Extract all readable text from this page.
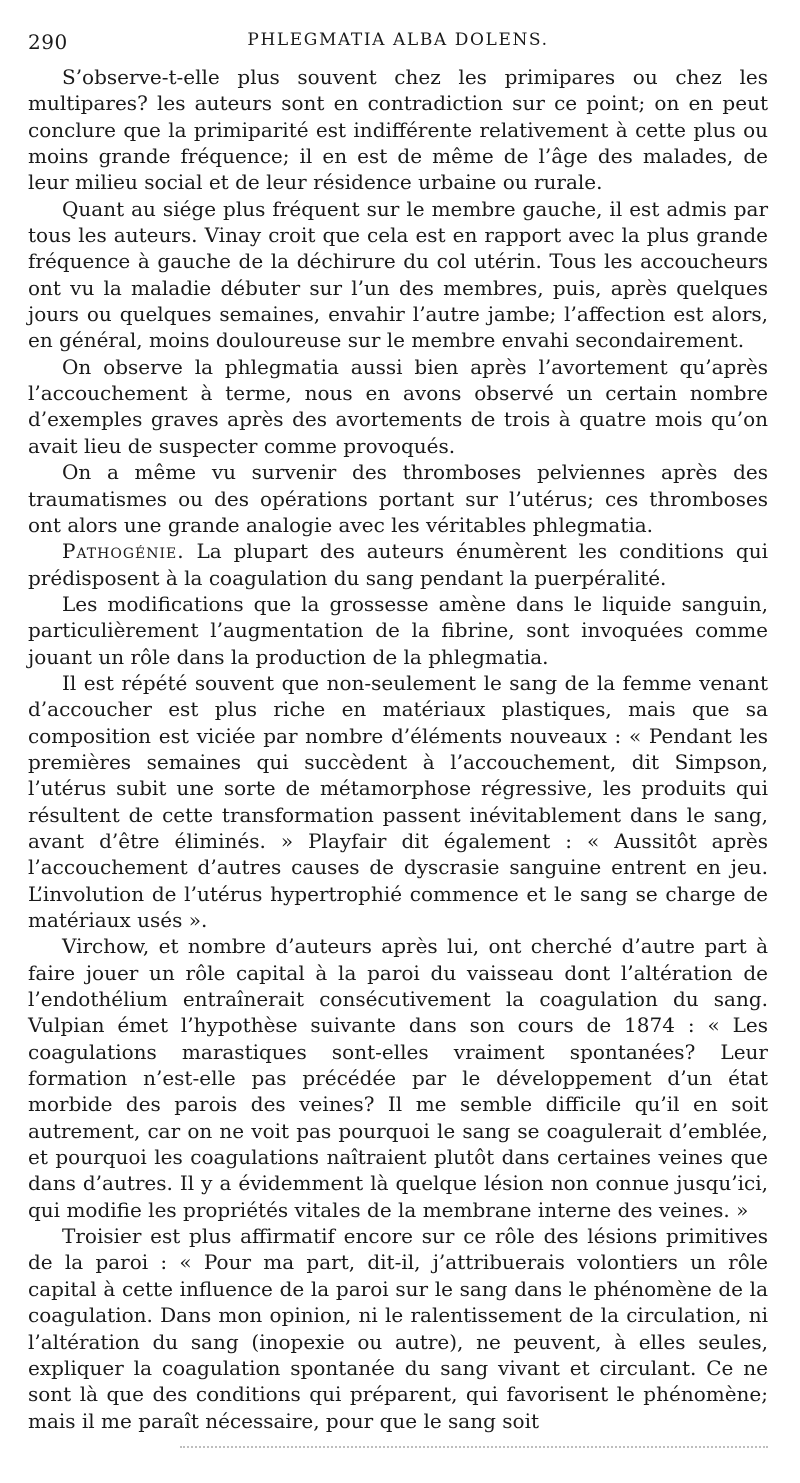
290	PHLEGMATIA ALBA DOLENS.

S’observe-t-elle plus souvent chez les primipares ou chez les multipares? les auteurs sont en contradiction sur ce point; on en peut conclure que la primiparité est indifférente relativement à cette plus ou moins grande fréquence; il en est de même de l’âge des malades, de leur milieu social et de leur résidence urbaine ou rurale.

Quant au siége plus fréquent sur le membre gauche, il est admis par tous les auteurs. Vinay croit que cela est en rapport avec la plus grande fréquence à gauche de la déchirure du col utérin. Tous les accoucheurs ont vu la maladie débuter sur l’un des membres, puis, après quelques jours ou quelques semaines, envahir l’autre jambe; l’affection est alors, en général, moins douloureuse sur le membre envahi secondairement.

On observe la phlegmatia aussi bien après l’avortement qu’après l’accouchement à terme, nous en avons observé un certain nombre d’exemples graves après des avortements de trois à quatre mois qu’on avait lieu de suspecter comme provoqués.

On a même vu survenir des thromboses pelviennes après des traumatismes ou des opérations portant sur l’utérus; ces thromboses ont alors une grande analogie avec les véritables phlegmatia.

Pathogénie. La plupart des auteurs énumèrent les conditions qui prédisposent à la coagulation du sang pendant la puerpéralité.

Les modifications que la grossesse amène dans le liquide sanguin, particulièrement l’augmentation de la fibrine, sont invoquées comme jouant un rôle dans la production de la phlegmatia.

Il est répété souvent que non-seulement le sang de la femme venant d’accoucher est plus riche en matériaux plastiques, mais que sa composition est viciée par nombre d’éléments nouveaux : « Pendant les premières semaines qui succèdent à l’accouchement, dit Simpson, l’utérus subit une sorte de métamorphose régressive, les produits qui résultent de cette transformation passent inévitablement dans le sang, avant d’être éliminés. » Playfair dit également : « Aussitôt après l’accouchement d’autres causes de dyscrasie sanguine entrent en jeu. L’involution de l’utérus hypertrophié commence et le sang se charge de matériaux usés ».

Virchow, et nombre d’auteurs après lui, ont cherché d’autre part à faire jouer un rôle capital à la paroi du vaisseau dont l’altération de l’endothélium entraînerait consécutivement la coagulation du sang. Vulpian émet l’hypothèse suivante dans son cours de 1874 : « Les coagulations marastiques sont-elles vraiment spontanées? Leur formation n’est-elle pas précédée par le développement d’un état morbide des parois des veines? Il me semble difficile qu’il en soit autrement, car on ne voit pas pourquoi le sang se coagulerait d’emblée, et pourquoi les coagulations naîtraient plutôt dans certaines veines que dans d’autres. Il y a évidemment là quelque lésion non connue jusqu’ici, qui modifie les propriétés vitales de la membrane interne des veines. »

Troisier est plus affirmatif encore sur ce rôle des lésions primitives de la paroi : « Pour ma part, dit-il, j’attribuerais volontiers un rôle capital à cette influence de la paroi sur le sang dans le phénomène de la coagulation. Dans mon opinion, ni le ralentissement de la circulation, ni l’altération du sang (inopexie ou autre), ne peuvent, à elles seules, expliquer la coagulation spontanée du sang vivant et circulant. Ce ne sont là que des conditions qui préparent, qui favorisent le phénomène; mais il me paraît nécessaire, pour que le sang soit
